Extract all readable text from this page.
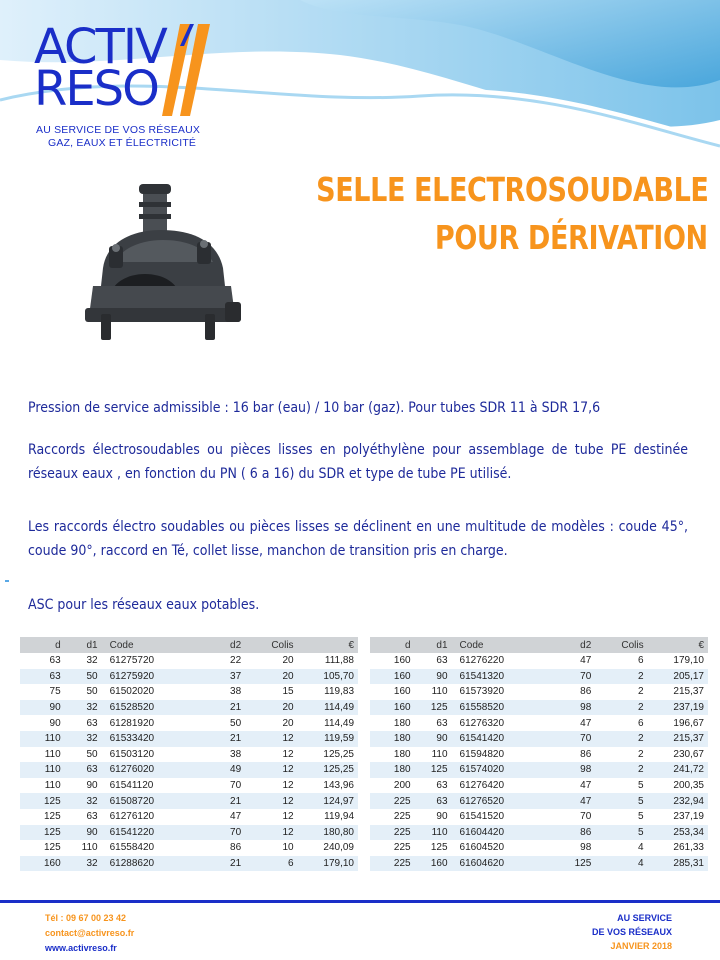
ACTIV
RESO
AU SERVICE DE VOS RÉSEAUX
GAZ, EAUX ET ÉLECTRICITÉ
SELLE ELECTROSOUDABLE
POUR DÉRIVATION
Pression de service admissible : 16 bar (eau) / 10 bar (gaz). Pour tubes SDR 11 à SDR 17,6
Raccords électrosoudables ou pièces lisses en polyéthylène pour assemblage de tube PE destinée réseaux eaux , en fonction du PN ( 6 a 16) du SDR et type de tube PE utilisé.
Les raccords électro soudables ou pièces lisses se déclinent en une multitude de modèles : coude 45°, coude 90°, raccord en Té, collet lisse, manchon de transition pris en charge.
ASC pour les réseaux eaux potables.
d	d1	Code	d2	Colis	€
63	32	61275720	22	20	111,88
63	50	61275920	37	20	105,70
75	50	61502020	38	15	119,83
90	32	61528520	21	20	114,49
90	63	61281920	50	20	114,49
110	32	61533420	21	12	119,59
110	50	61503120	38	12	125,25
110	63	61276020	49	12	125,25
110	90	61541120	70	12	143,96
125	32	61508720	21	12	124,97
125	63	61276120	47	12	119,94
125	90	61541220	70	12	180,80
125	110	61558420	86	10	240,09
160	32	61288620	21	6	179,10
d	d1	Code	d2	Colis	€
160	63	61276220	47	6	179,10
160	90	61541320	70	2	205,17
160	110	61573920	86	2	215,37
160	125	61558520	98	2	237,19
180	63	61276320	47	6	196,67
180	90	61541420	70	2	215,37
180	110	61594820	86	2	230,67
180	125	61574020	98	2	241,72
200	63	61276420	47	5	200,35
225	63	61276520	47	5	232,94
225	90	61541520	70	5	237,19
225	110	61604420	86	5	253,34
225	125	61604520	98	4	261,33
225	160	61604620	125	4	285,31
Tél : 09 67 00 23 42
contact@activreso.fr
www.activreso.fr
AU SERVICE
DE VOS RÉSEAUX
JANVIER 2018
